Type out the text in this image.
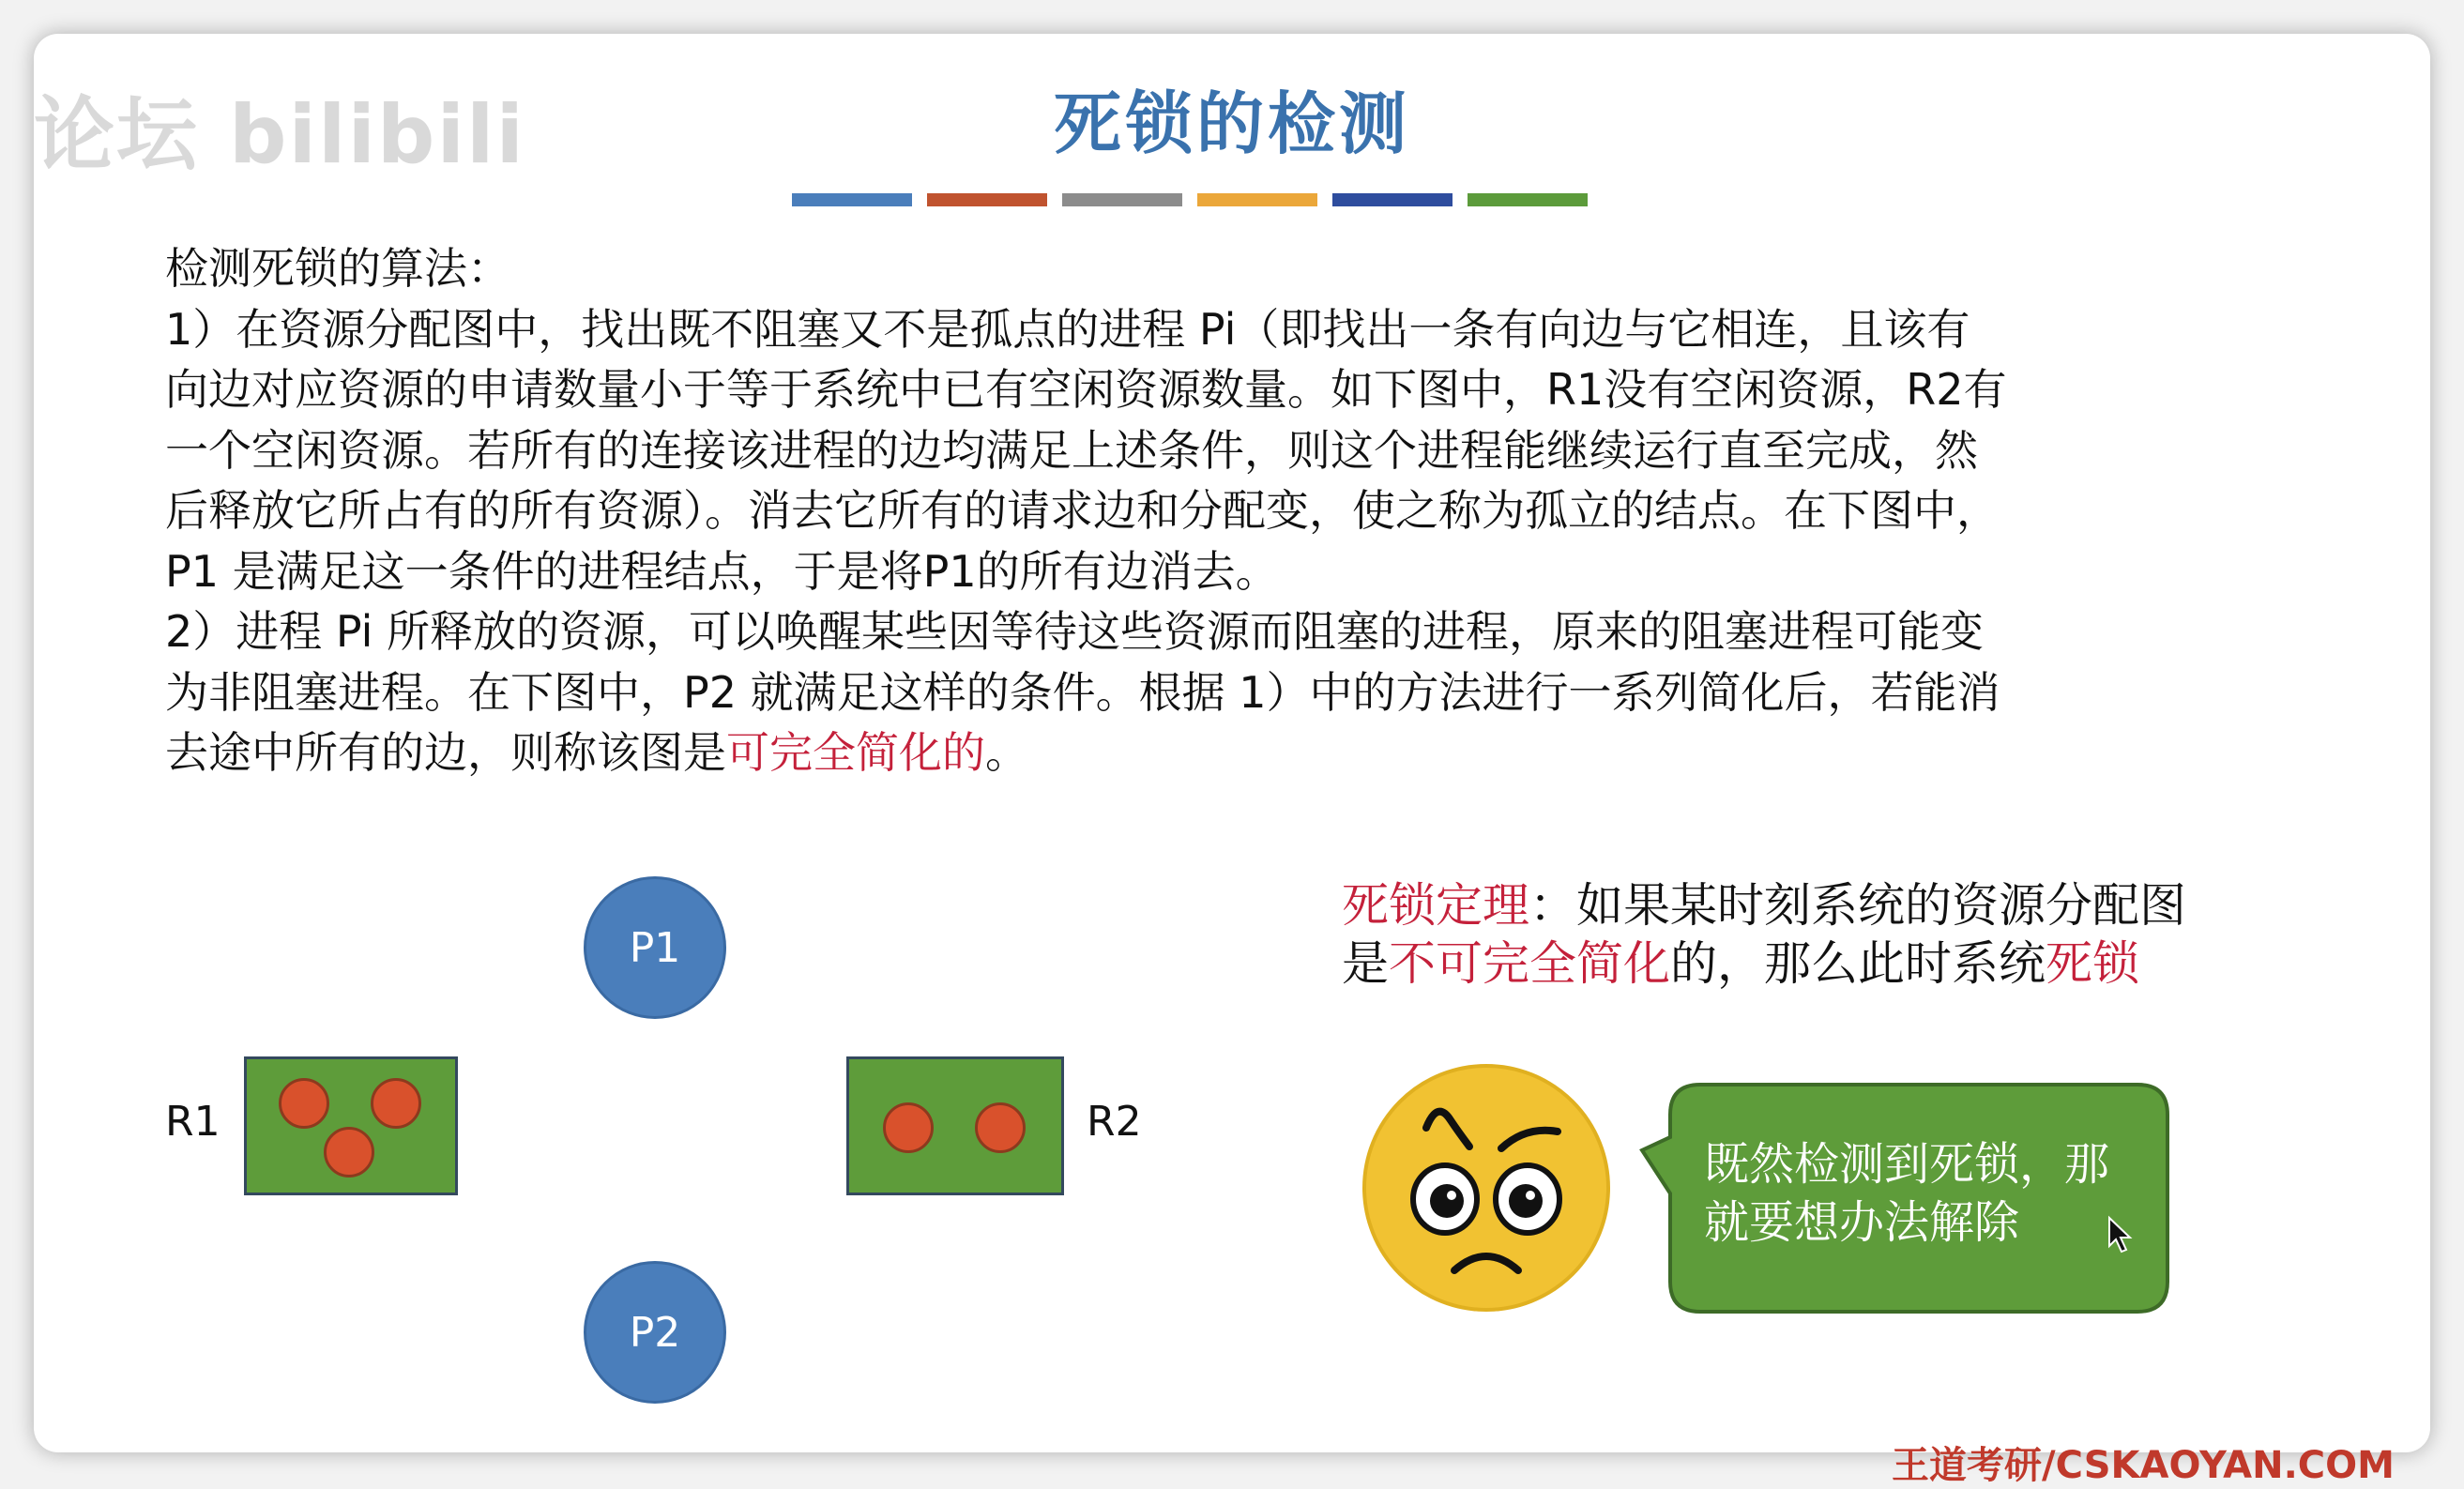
论坛 bilibili	死锁的检测

检测死锁的算法：

1）在资源分配图中，找出既不阻塞又不是孤点的进程 Pi（即找出一条有向边与它相连，且该有

向边对应资源的申请数量小于等于系统中已有空闲资源数量。如下图中，R1没有空闲资源，R2有

一个空闲资源。若所有的连接该进程的边均满足上述条件，则这个进程能继续运行直至完成，然

后释放它所占有的所有资源）。消去它所有的请求边和分配变，使之称为孤立的结点。在下图中，

P1 是满足这一条件的进程结点，于是将P1的所有边消去。

2）进程 Pi 所释放的资源，可以唤醒某些因等待这些资源而阻塞的进程，原来的阻塞进程可能变

为非阻塞进程。在下图中，P2 就满足这样的条件。根据 1）中的方法进行一系列简化后，若能消

去途中所有的边，则称该图是可完全简化的。

P1
P2
R1	R2

死锁定理：如果某时刻系统的资源分配图

是不可完全简化的，那么此时系统死锁

既然检测到死锁，那

就要想办法解除

王道考研/CSKAOYAN.COM
